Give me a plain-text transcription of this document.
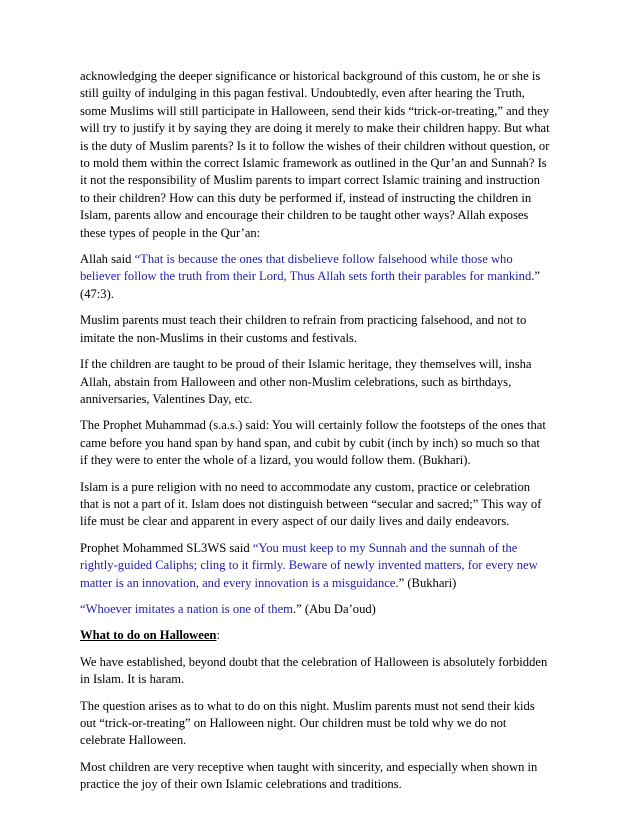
acknowledging the deeper significance or historical background of this custom, he or she is still guilty of indulging in this pagan festival. Undoubtedly, even after hearing the Truth, some Muslims will still participate in Halloween, send their kids “trick-or-treating,” and they will try to justify it by saying they are doing it merely to make their children happy. But what is the duty of Muslim parents? Is it to follow the wishes of their children without question, or to mold them within the correct Islamic framework as outlined in the Qur’an and Sunnah? Is it not the responsibility of Muslim parents to impart correct Islamic training and instruction to their children? How can this duty be performed if, instead of instructing the children in Islam, parents allow and encourage their children to be taught other ways? Allah exposes these types of people in the Qur’an:

Allah said “That is because the ones that disbelieve follow falsehood while those who believer follow the truth from their Lord, Thus Allah sets forth their parables for mankind.” (47:3).

Muslim parents must teach their children to refrain from practicing falsehood, and not to imitate the non-Muslims in their customs and festivals.

If the children are taught to be proud of their Islamic heritage, they themselves will, insha Allah, abstain from Halloween and other non-Muslim celebrations, such as birthdays, anniversaries, Valentines Day, etc.

The Prophet Muhammad (s.a.s.) said: You will certainly follow the footsteps of the ones that came before you hand span by hand span, and cubit by cubit (inch by inch) so much so that if they were to enter the whole of a lizard, you would follow them. (Bukhari).

Islam is a pure religion with no need to accommodate any custom, practice or celebration that is not a part of it. Islam does not distinguish between “secular and sacred;” This way of life must be clear and apparent in every aspect of our daily lives and daily endeavors.

Prophet Mohammed SL3WS said “You must keep to my Sunnah and the sunnah of the rightly-guided Caliphs; cling to it firmly. Beware of newly invented matters, for every new matter is an innovation, and every innovation is a misguidance.” (Bukhari)

“Whoever imitates a nation is one of them.” (Abu Da’oud)

What to do on Halloween:

We have established, beyond doubt that the celebration of Halloween is absolutely forbidden in Islam. It is haram.

The question arises as to what to do on this night. Muslim parents must not send their kids out “trick-or-treating” on Halloween night. Our children must be told why we do not celebrate Halloween.

Most children are very receptive when taught with sincerity, and especially when shown in practice the joy of their own Islamic celebrations and traditions.
